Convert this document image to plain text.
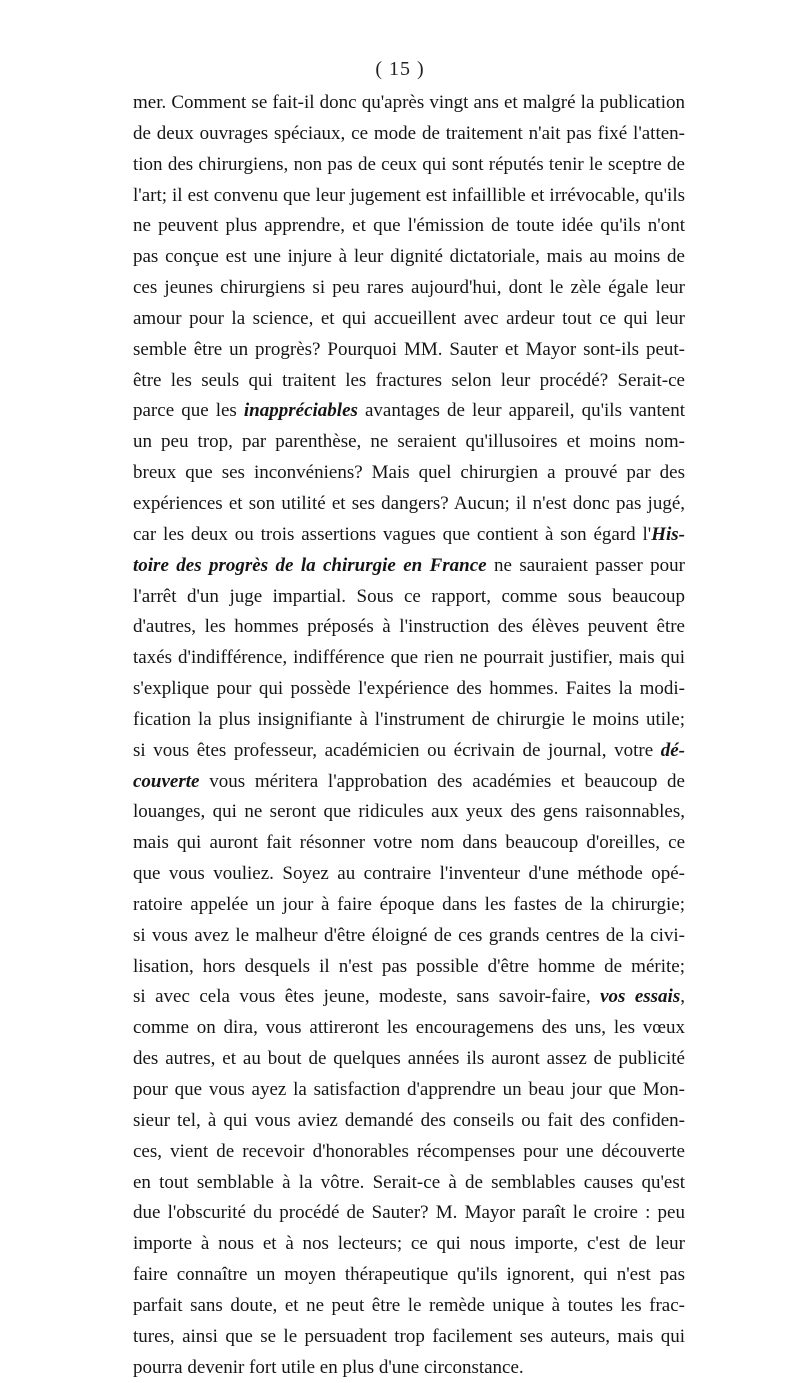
( 15 )
mer. Comment se fait-il donc qu'après vingt ans et malgré la publication
de deux ouvrages spéciaux, ce mode de traitement n'ait pas fixé l'atten-
tion des chirurgiens, non pas de ceux qui sont réputés tenir le sceptre de
l'art; il est convenu que leur jugement est infaillible et irrévocable, qu'ils
ne peuvent plus apprendre, et que l'émission de toute idée qu'ils n'ont
pas conçue est une injure à leur dignité dictatoriale, mais au moins de
ces jeunes chirurgiens si peu rares aujourd'hui, dont le zèle égale leur
amour pour la science, et qui accueillent avec ardeur tout ce qui leur
semble être un progrès? Pourquoi MM. Sauter et Mayor sont-ils peut-
être les seuls qui traitent les fractures selon leur procédé? Serait-ce
parce que les inappréciables avantages de leur appareil, qu'ils vantent
un peu trop, par parenthèse, ne seraient qu'illusoires et moins nom-
breux que ses inconvéniens? Mais quel chirurgien a prouvé par des
expériences et son utilité et ses dangers? Aucun; il n'est donc pas jugé,
car les deux ou trois assertions vagues que contient à son égard l'His-
toire des progrès de la chirurgie en France ne sauraient passer pour
l'arrêt d'un juge impartial. Sous ce rapport, comme sous beaucoup
d'autres, les hommes préposés à l'instruction des élèves peuvent être
taxés d'indifférence, indifférence que rien ne pourrait justifier, mais qui
s'explique pour qui possède l'expérience des hommes. Faites la modi-
fication la plus insignifiante à l'instrument de chirurgie le moins utile;
si vous êtes professeur, académicien ou écrivain de journal, votre dé-
couverte vous méritera l'approbation des académies et beaucoup de
louanges, qui ne seront que ridicules aux yeux des gens raisonnables,
mais qui auront fait résonner votre nom dans beaucoup d'oreilles, ce
que vous vouliez. Soyez au contraire l'inventeur d'une méthode opé-
ratoire appelée un jour à faire époque dans les fastes de la chirurgie;
si vous avez le malheur d'être éloigné de ces grands centres de la civi-
lisation, hors desquels il n'est pas possible d'être homme de mérite;
si avec cela vous êtes jeune, modeste, sans savoir-faire, vos essais,
comme on dira, vous attireront les encouragemens des uns, les vœux
des autres, et au bout de quelques années ils auront assez de publicité
pour que vous ayez la satisfaction d'apprendre un beau jour que Mon-
sieur tel, à qui vous aviez demandé des conseils ou fait des confiden-
ces, vient de recevoir d'honorables récompenses pour une découverte
en tout semblable à la vôtre. Serait-ce à de semblables causes qu'est
due l'obscurité du procédé de Sauter? M. Mayor paraît le croire : peu
importe à nous et à nos lecteurs; ce qui nous importe, c'est de leur
faire connaître un moyen thérapeutique qu'ils ignorent, qui n'est pas
parfait sans doute, et ne peut être le remède unique à toutes les frac-
tures, ainsi que se le persuadent trop facilement ses auteurs, mais qui
pourra devenir fort utile en plus d'une circonstance.
